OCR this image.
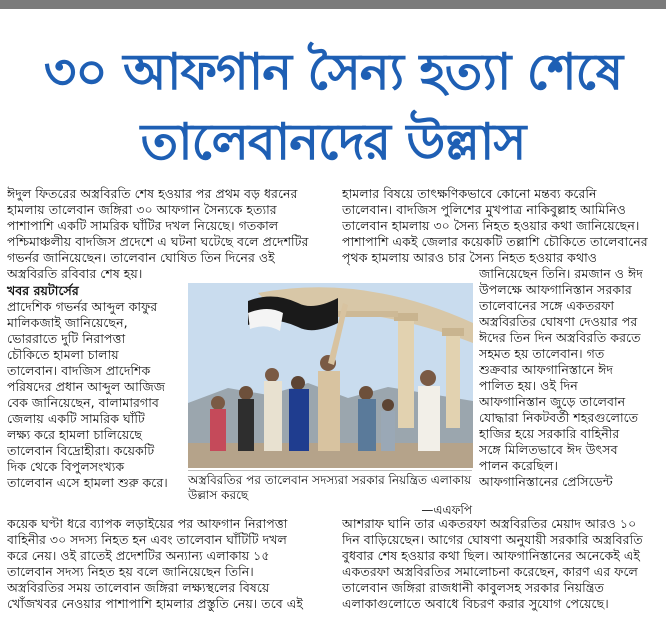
৩০ আফগান সৈন্য হত্যা শেষে
তালেবানদের উল্লাস
ঈদুল ফিতরের অস্ত্রবিরতি শেষ হওয়ার পর প্রথম বড় ধরনের
হামলায় তালেবান জঙ্গিরা ৩০ আফগান সৈন্যকে হত্যার
পাশাপাশি একটি সামরিক ঘাঁটির দখল নিয়েছে। গতকাল
পশ্চিমাঞ্চলীয় বাদজিস প্রদেশে এ ঘটনা ঘটেছে বলে প্রদেশটির
গভর্নর জানিয়েছেন। তালেবান ঘোষিত তিন দিনের ওই
অস্ত্রবিরতি রবিবার শেষ হয়।
খবর রয়টার্সের
প্রাদেশিক গভর্নর আব্দুল কাফুর
মালিকজাই জানিয়েছেন,
ভোররাতে দুটি নিরাপত্তা
চৌকিতে হামলা চালায়
তালেবান। বাদজিস প্রাদেশিক
পরিষদের প্রধান আব্দুল আজিজ
বেক জানিয়েছেন, বালামারগাব
জেলায় একটি সামরিক ঘাঁটি
লক্ষ্য করে হামলা চালিয়েছে
তালেবান বিদ্রোহীরা। কয়েকটি
দিক থেকে বিপুলসংখ্যক
তালেবান এসে হামলা শুরু করে।
হামলার বিষয়ে তাৎক্ষণিকভাবে কোনো মন্তব্য করেনি
তালেবান। বাদজিস পুলিশের মুখপাত্র নাকিবুল্লাহ আমিনিও
তালেবান হামলায় ৩০ সৈন্য নিহত হওয়ার কথা জানিয়েছেন।
পাশাপাশি একই জেলার কয়েকটি তল্লাশি চৌকিতে তালেবানের
পৃথক হামলায় আরও চার সৈন্য নিহত হওয়ার কথাও
জানিয়েছেন তিনি। রমজান ও ঈদ
উপলক্ষে আফগানিস্তান সরকার
তালেবানের সঙ্গে একতরফা
অস্ত্রবিরতির ঘোষণা দেওয়ার পর
ঈদের তিন দিন অস্ত্রবিরতি করতে
সহমত হয় তালেবান। গত
শুক্রবার আফগানিস্তানে ঈদ
পালিত হয়। ওই দিন
আফগানিস্তান জুড়ে তালেবান
যোদ্ধারা নিকটবর্তী শহরগুলোতে
হাজির হয়ে সরকারি বাহিনীর
সঙ্গে মিলিতভাবে ঈদ উৎসব
পালন করেছিল।
আফগানিস্তানের প্রেসিডেন্ট
অস্ত্রবিরতির পর তালেবান সদস্যরা সরকার নিয়ন্ত্রিত এলাকায় উল্লাস করছে
—এএফপি
কয়েক ঘণ্টা ধরে ব্যাপক লড়াইয়ের পর আফগান নিরাপত্তা
বাহিনীর ৩০ সদস্য নিহত হন এবং তালেবান ঘাঁটিটি দখল
করে নেয়। ওই রাতেই প্রদেশটির অন্যান্য এলাকায় ১৫
তালেবান সদস্য নিহত হয় বলে জানিয়েছেন তিনি।
অস্ত্রবিরতির সময় তালেবান জঙ্গিরা লক্ষ্যস্থলের বিষয়ে
খোঁজখবর নেওয়ার পাশাপাশি হামলার প্রস্তুতি নেয়। তবে এই
আশরাফ ঘানি তার একতরফা অস্ত্রবিরতির মেয়াদ আরও ১০
দিন বাড়িয়েছেন। আগের ঘোষণা অনুযায়ী সরকারি অস্ত্রবিরতি
বুধবার শেষ হওয়ার কথা ছিল। আফগানিস্তানের অনেকেই এই
একতরফা অস্ত্রবিরতির সমালোচনা করেছেন, কারণ এর ফলে
তালেবান জঙ্গিরা রাজধানী কাবুলসহ সরকার নিয়ন্ত্রিত
এলাকাগুলোতে অবাধে বিচরণ করার সুযোগ পেয়েছে।
